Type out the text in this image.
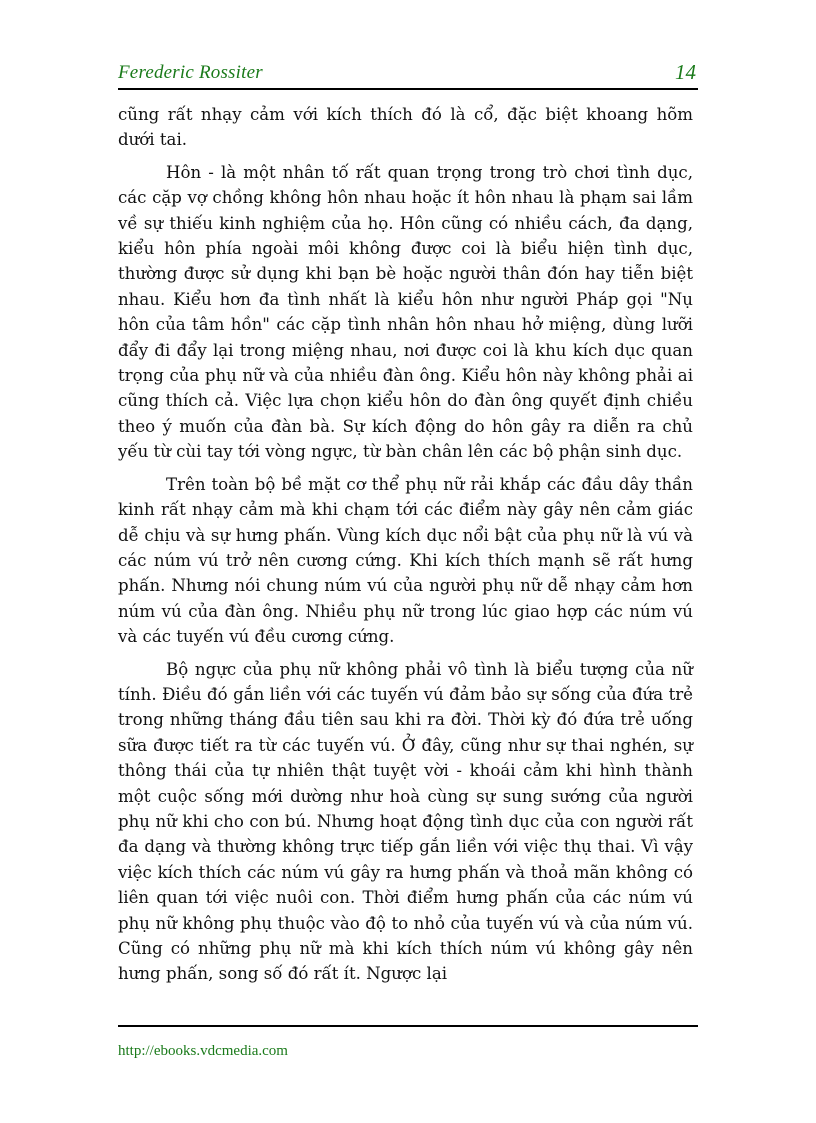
Ferederic Rossiter	14

cũng rất nhạy cảm với kích thích đó là cổ, đặc biệt khoang hõm dưới tai.

Hôn - là một nhân tố rất quan trọng trong trò chơi tình dục, các cặp vợ chồng không hôn nhau hoặc ít hôn nhau là phạm sai lầm về sự thiếu kinh nghiệm của họ. Hôn cũng có nhiều cách, đa dạng, kiểu hôn phía ngoài môi không được coi là biểu hiện tình dục, thường được sử dụng khi bạn bè hoặc người thân đón hay tiễn biệt nhau. Kiểu hơn đa tình nhất là kiểu hôn như người Pháp gọi "Nụ hôn của tâm hồn" các cặp tình nhân hôn nhau hở miệng, dùng lưỡi đẩy đi đẩy lại trong miệng nhau, nơi được coi là khu kích dục quan trọng của phụ nữ và của nhiều đàn ông. Kiểu hôn này không phải ai cũng thích cả. Việc lựa chọn kiểu hôn do đàn ông quyết định chiều theo ý muốn của đàn bà. Sự kích động do hôn gây ra diễn ra chủ yếu từ cùi tay tới vòng ngực, từ bàn chân lên các bộ phận sinh dục.

Trên toàn bộ bề mặt cơ thể phụ nữ rải khắp các đầu dây thần kinh rất nhạy cảm mà khi chạm tới các điểm này gây nên cảm giác dễ chịu và sự hưng phấn. Vùng kích dục nổi bật của phụ nữ là vú và các núm vú trở nên cương cứng. Khi kích thích mạnh sẽ rất hưng phấn. Nhưng nói chung núm vú của người phụ nữ dễ nhạy cảm hơn núm vú của đàn ông. Nhiều phụ nữ trong lúc giao hợp các núm vú và các tuyến vú đều cương cứng.

Bộ ngực của phụ nữ không phải vô tình là biểu tượng của nữ tính. Điều đó gắn liền với các tuyến vú đảm bảo sự sống của đứa trẻ trong những tháng đầu tiên sau khi ra đời. Thời kỳ đó đứa trẻ uống sữa được tiết ra từ các tuyến vú. Ở đây, cũng như sự thai nghén, sự thông thái của tự nhiên thật tuyệt vời - khoái cảm khi hình thành một cuộc sống mới dường như hoà cùng sự sung sướng của người phụ nữ khi cho con bú. Nhưng hoạt động tình dục của con người rất đa dạng và thường không trực tiếp gắn liền với việc thụ thai. Vì vậy việc kích thích các núm vú gây ra hưng phấn và thoả mãn không có liên quan tới việc nuôi con. Thời điểm hưng phấn của các núm vú phụ nữ không phụ thuộc vào độ to nhỏ của tuyến vú và của núm vú. Cũng có những phụ nữ mà khi kích thích núm vú không gây nên hưng phấn, song số đó rất ít. Ngược lại

http://ebooks.vdcmedia.com
